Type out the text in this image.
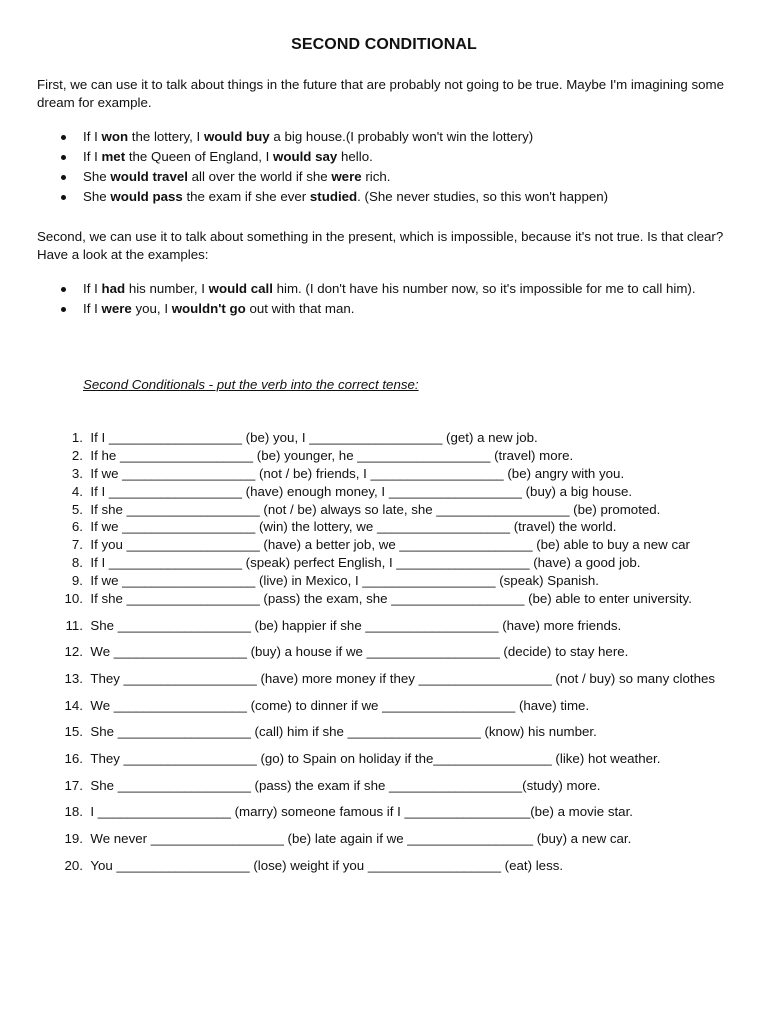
SECOND CONDITIONAL

First, we can use it to talk about things in the future that are probably not going to be true. Maybe I'm imagining some dream for example.

If I won the lottery, I would buy a big house.(I probably won't win the lottery)
If I met the Queen of England, I would say hello.
She would travel all over the world if she were rich.
She would pass the exam if she ever studied. (She never studies, so this won't happen)

Second, we can use it to talk about something in the present, which is impossible, because it's not true. Is that clear? Have a look at the examples:

If I had his number, I would call him. (I don't have his number now, so it's impossible for me to call him).
If I were you, I wouldn't go out with that man.

Second Conditionals - put the verb into the correct tense:

1.  If I __________________ (be) you, I __________________ (get) a new job.
2.  If he __________________ (be) younger, he __________________ (travel) more.
3.  If we __________________ (not / be) friends, I __________________ (be) angry with you.
4.  If I __________________ (have) enough money, I __________________ (buy) a big house.
5.  If she __________________ (not / be) always so late, she __________________ (be) promoted.
6.  If we __________________ (win) the lottery, we __________________ (travel) the world.
7.  If you __________________ (have) a better job, we __________________ (be) able to buy a new car
8.  If I __________________ (speak) perfect English, I __________________ (have) a good job.
9.  If we __________________ (live) in Mexico, I __________________ (speak) Spanish.
10.  If she __________________ (pass) the exam, she __________________ (be) able to enter university.
11.  She __________________ (be) happier if she __________________ (have) more friends.
12.  We __________________ (buy) a house if we __________________ (decide) to stay here.
13.  They __________________ (have) more money if they __________________ (not / buy) so many clothes
14.  We __________________ (come) to dinner if we __________________ (have) time.
15.  She __________________ (call) him if she __________________ (know) his number.
16.  They __________________ (go) to Spain on holiday if the________________ (like) hot weather.
17.  She __________________ (pass) the exam if she __________________(study) more.
18.  I __________________ (marry) someone famous if I _________________(be) a movie star.
19.  We never __________________ (be) late again if we _________________ (buy) a new car.
20.  You __________________ (lose) weight if you __________________ (eat) less.
